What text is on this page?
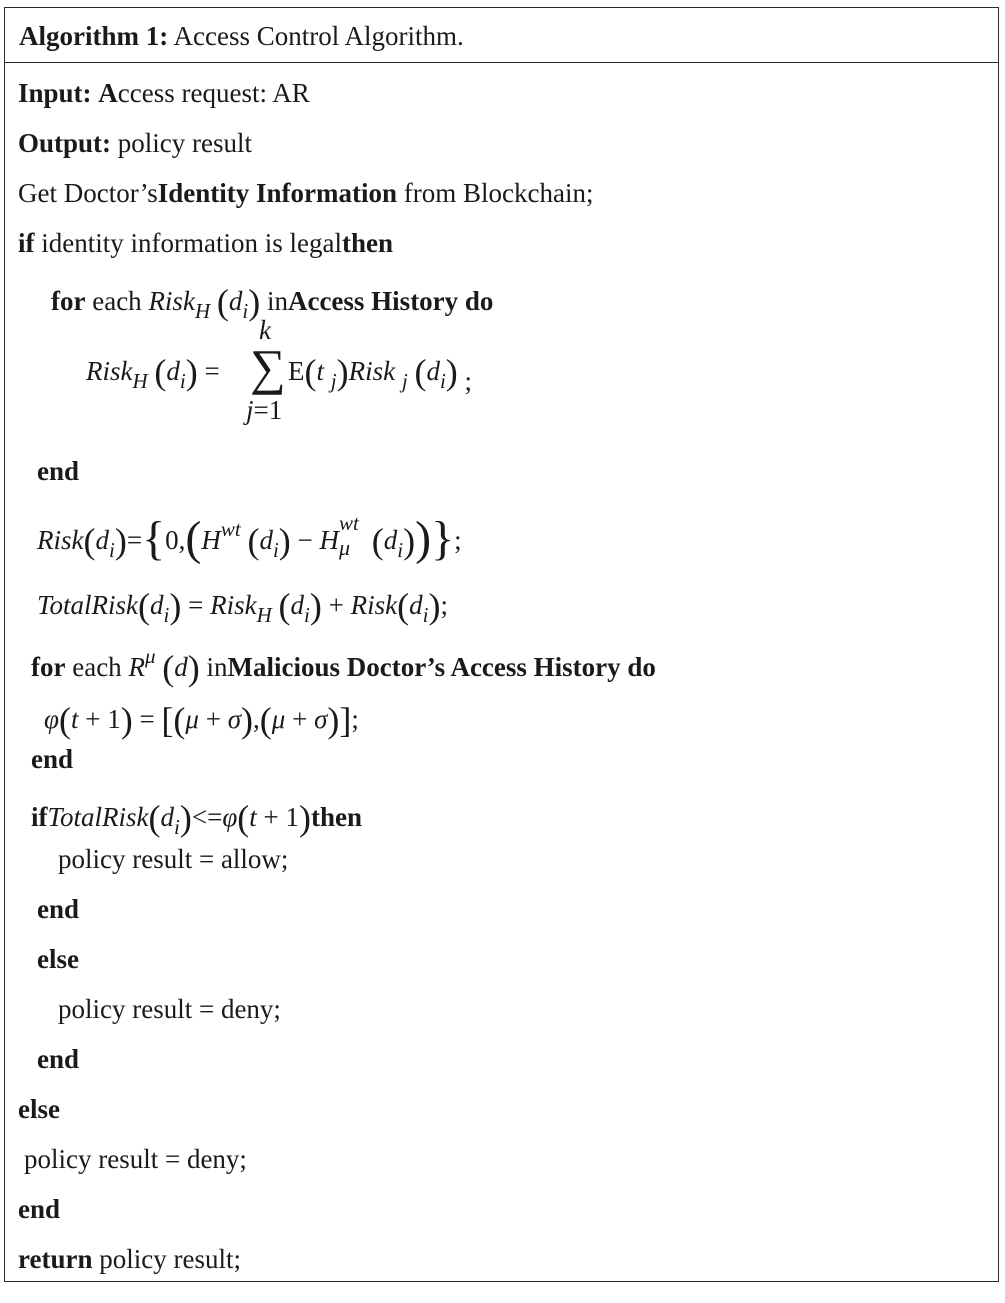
Algorithm 1: Access Control Algorithm.
Input: Access request: AR
Output: policy result
Get Doctor’sIdentity Information from Blockchain;
if identity information is legalthen
for each Risk$_H$ $(d_i)$ inAccess History do
Risk$_H$ $(d_i)$ =
k
∑
j=1
E(t $_j$)Risk $_j$ $(d_i)$ ;
end
$Risk(d_i)=\{0,(H^{wt}$ $(d_i) - H$
wt
μ $(d_i)$)};
$TotalRisk(d_i)$ = Risk$_H$ $(d_i)$ + $Risk(d_i)$;
for each $R^\mu$ (d) inMalicious Doctor’s Access History do
φ(t + 1) = [(μ + σ),(μ + σ)];
end
$ifTotalRisk(d_i)<=\varphi(t$ + 1)then
policy result = allow;
end
else
policy result = deny;
end
else
policy result = deny;
end
return policy result;
